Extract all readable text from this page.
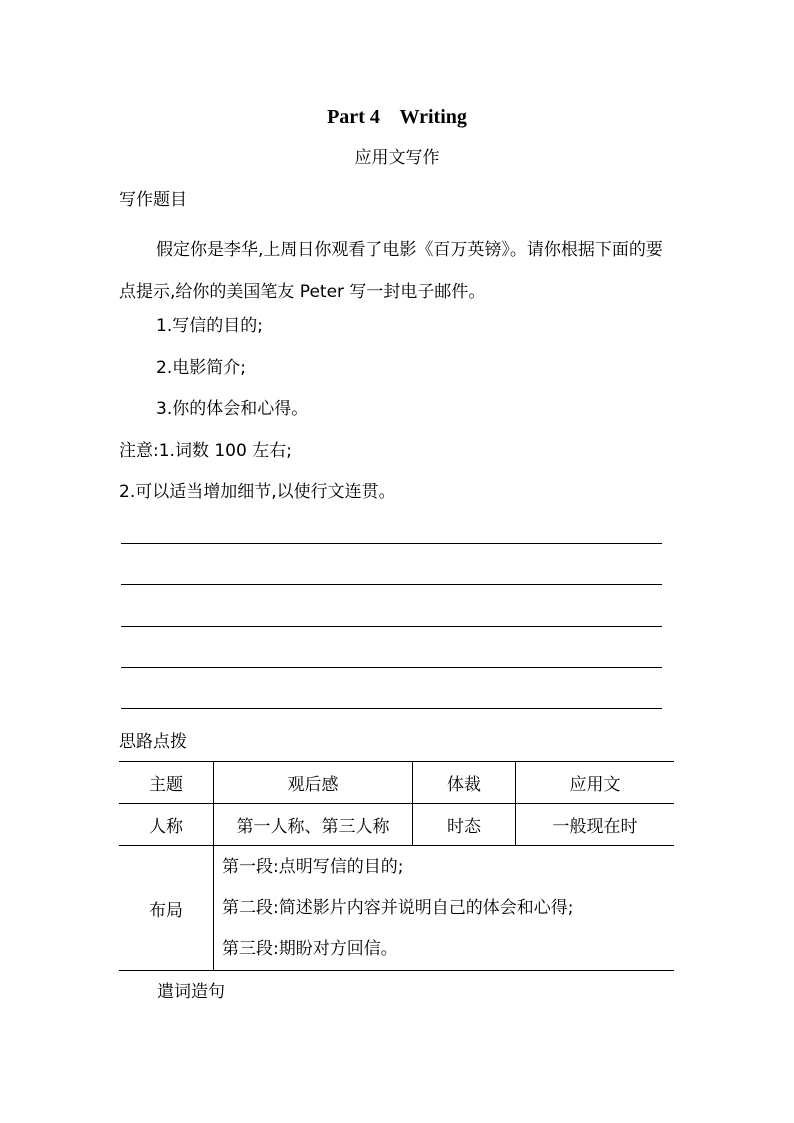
Part 4    Writing
应用文写作
写作题目
假定你是李华,上周日你观看了电影《百万英镑》。请你根据下面的要点提示,给你的美国笔友 Peter 写一封电子邮件。
1.写信的目的;
2.电影简介;
3.你的体会和心得。
注意:1.词数 100 左右;
2.可以适当增加细节,以使行文连贯。
思路点拨
主题	观后感	体裁	应用文
人称	第一人称、第三人称	时态	一般现在时
布局	第一段:点明写信的目的;
第二段:简述影片内容并说明自己的体会和心得;
第三段:期盼对方回信。		
遣词造句
